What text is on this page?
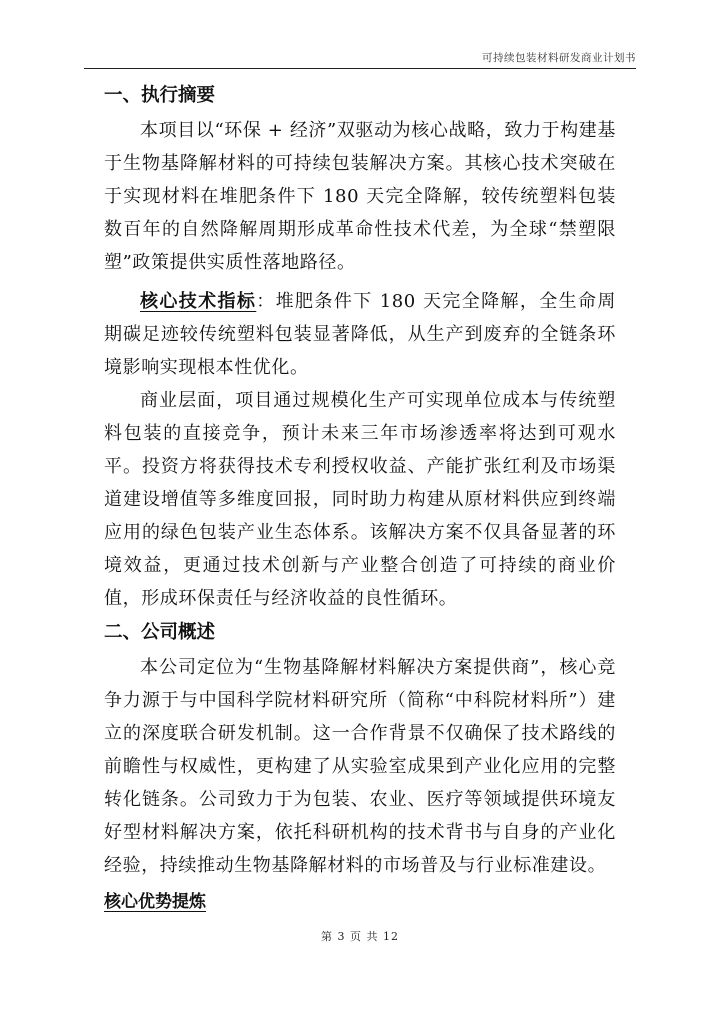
可持续包装材料研发商业计划书
一、执行摘要

本项目以“环保 + 经济”双驱动为核心战略，致力于构建基于生物基降解材料的可持续包装解决方案。其核心技术突破在于实现材料在堆肥条件下 180 天完全降解，较传统塑料包装数百年的自然降解周期形成革命性技术代差，为全球“禁塑限塑”政策提供实质性落地路径。

核心技术指标：堆肥条件下 180 天完全降解，全生命周期碳足迹较传统塑料包装显著降低，从生产到废弃的全链条环境影响实现根本性优化。

商业层面，项目通过规模化生产可实现单位成本与传统塑料包装的直接竞争，预计未来三年市场渗透率将达到可观水平。投资方将获得技术专利授权收益、产能扩张红利及市场渠道建设增值等多维度回报，同时助力构建从原材料供应到终端应用的绿色包装产业生态体系。该解决方案不仅具备显著的环境效益，更通过技术创新与产业整合创造了可持续的商业价值，形成环保责任与经济收益的良性循环。

二、公司概述

本公司定位为“生物基降解材料解决方案提供商”，核心竞争力源于与中国科学院材料研究所（简称“中科院材料所”）建立的深度联合研发机制。这一合作背景不仅确保了技术路线的前瞻性与权威性，更构建了从实验室成果到产业化应用的完整转化链条。公司致力于为包装、农业、医疗等领域提供环境友好型材料解决方案，依托科研机构的技术背书与自身的产业化经验，持续推动生物基降解材料的市场普及与行业标准建设。

核心优势提炼
第 3 页 共 12
